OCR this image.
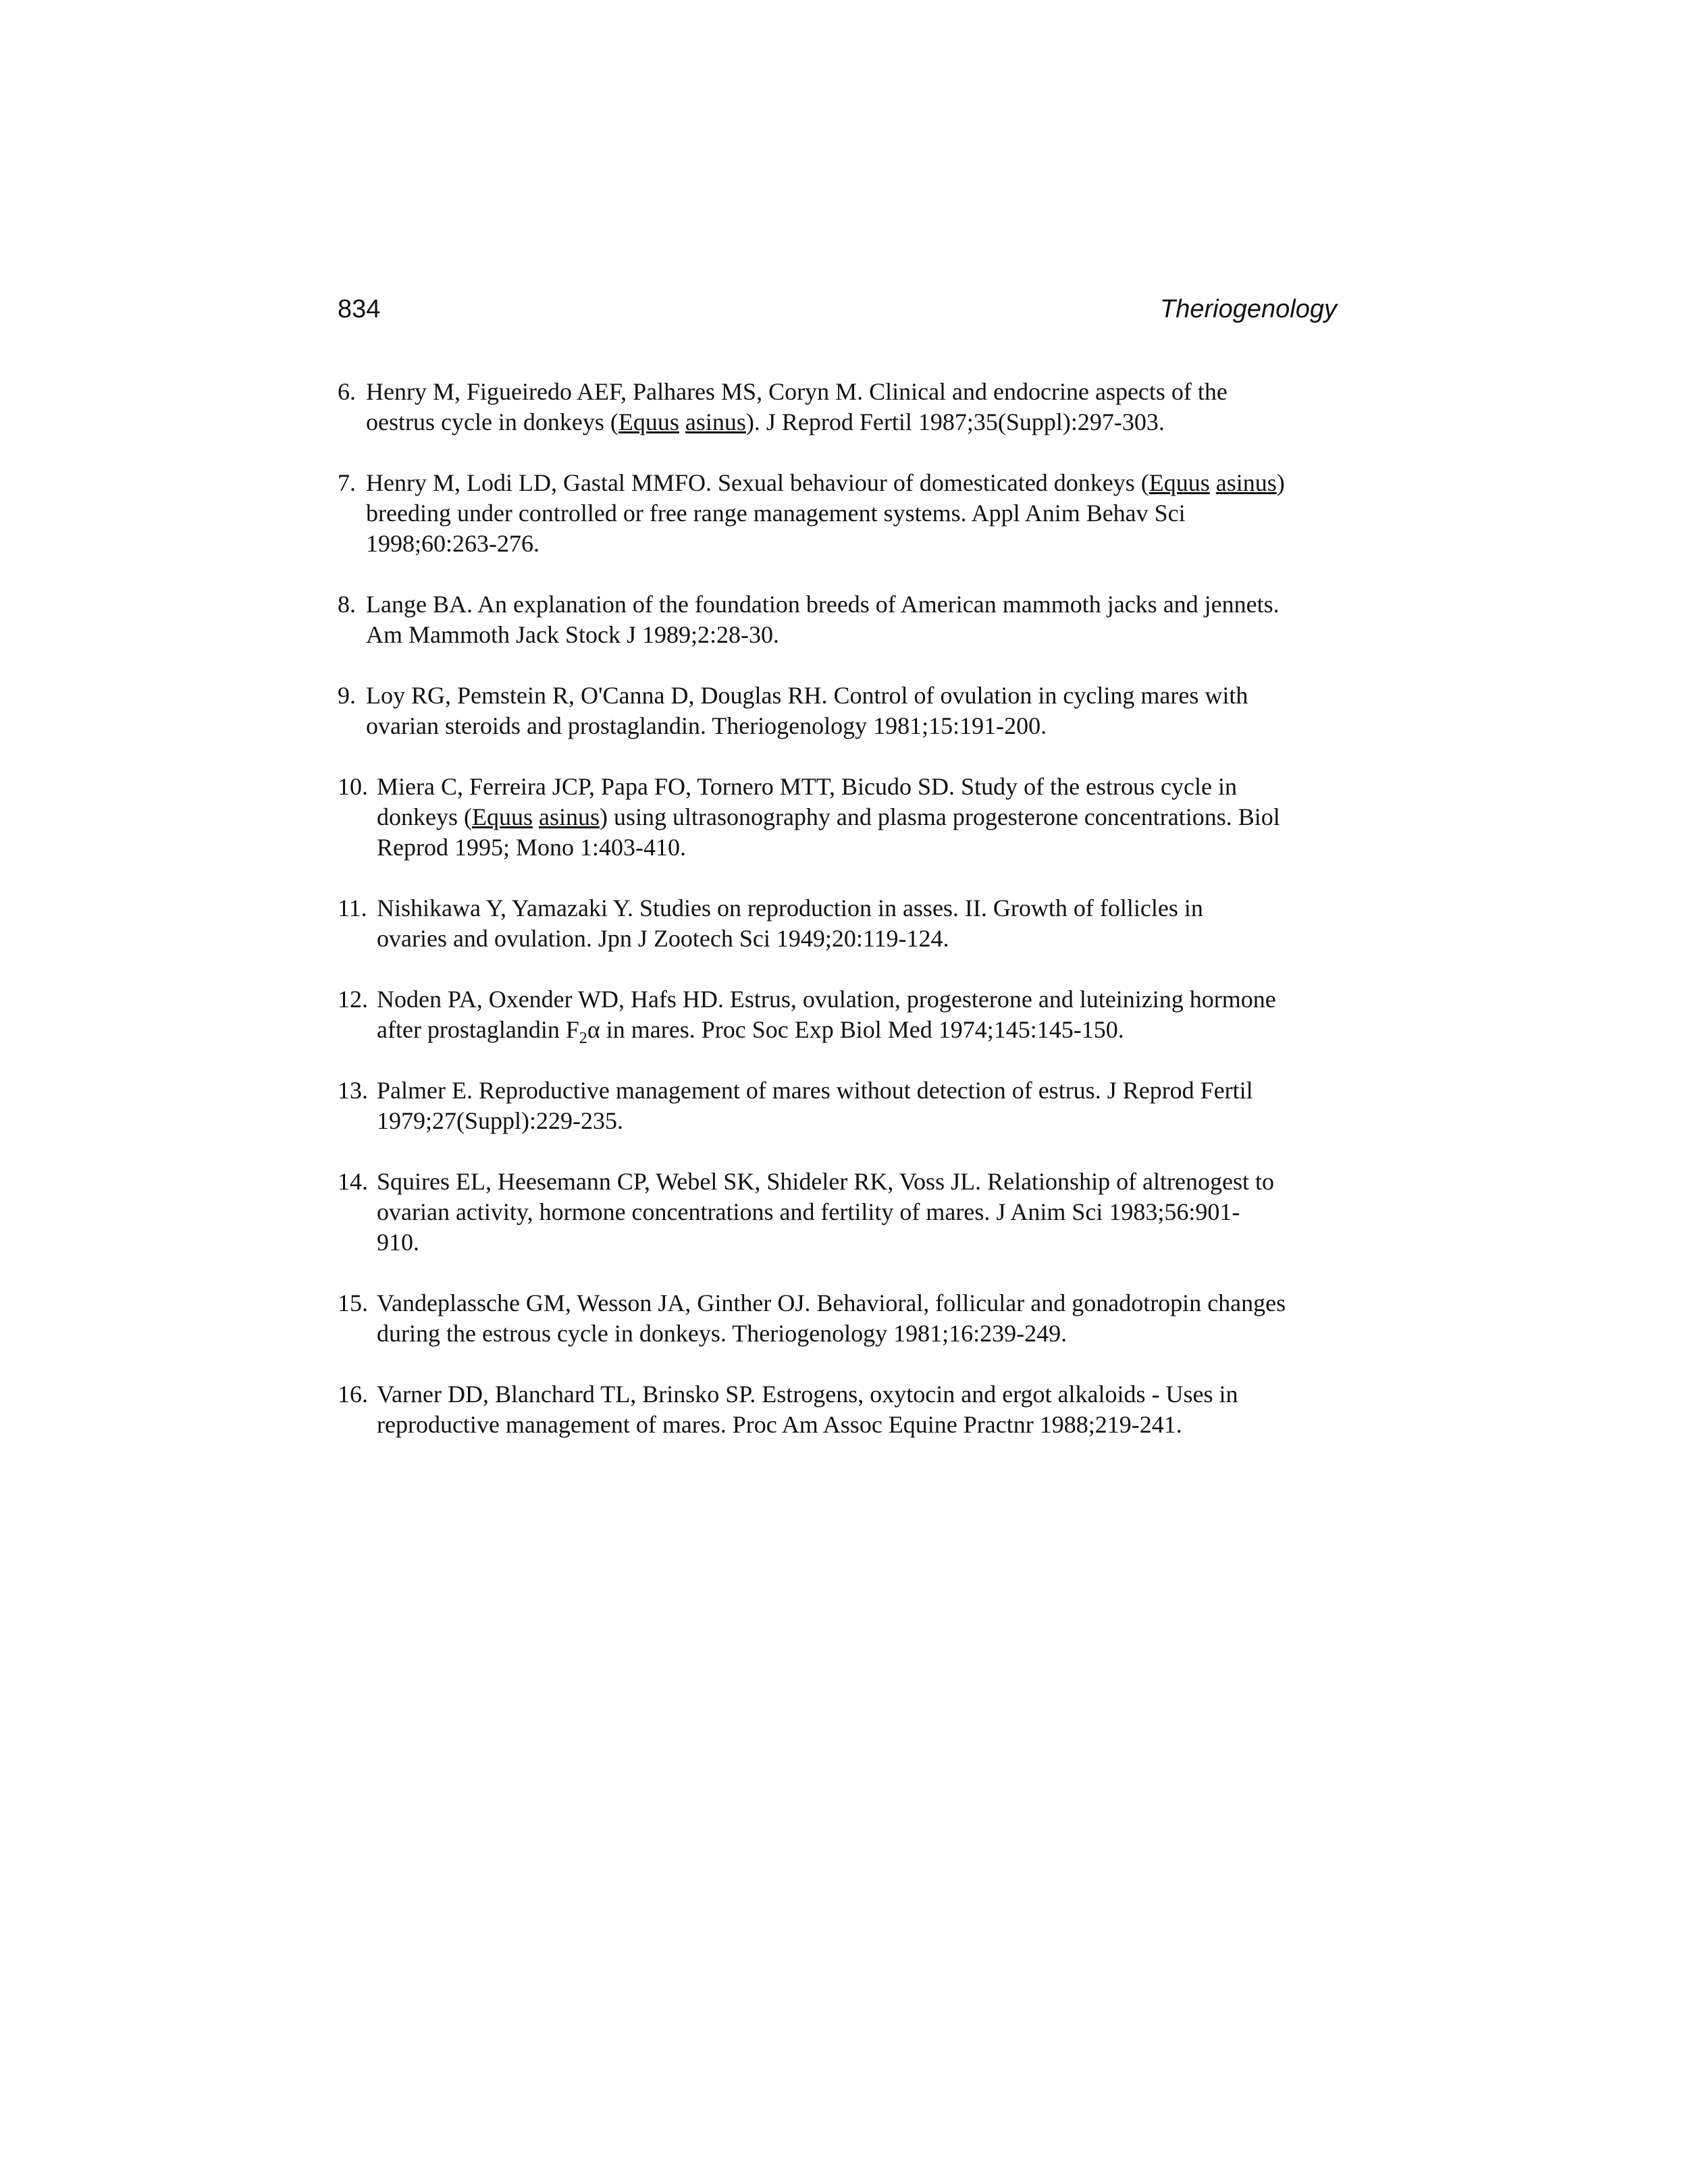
834	Theriogenology
6. Henry M, Figueiredo AEF, Palhares MS, Coryn M. Clinical and endocrine aspects of the
oestrus cycle in donkeys (Equus asinus). J Reprod Fertil 1987;35(Suppl):297-303.
7. Henry M, Lodi LD, Gastal MMFO. Sexual behaviour of domesticated donkeys (Equus asinus)
breeding under controlled or free range management systems. Appl Anim Behav Sci
1998;60:263-276.
8. Lange BA. An explanation of the foundation breeds of American mammoth jacks and jennets.
Am Mammoth Jack Stock J 1989;2:28-30.
9. Loy RG, Pemstein R, O'Canna D, Douglas RH. Control of ovulation in cycling mares with
ovarian steroids and prostaglandin. Theriogenology 1981;15:191-200.
10. Miera C, Ferreira JCP, Papa FO, Tornero MTT, Bicudo SD. Study of the estrous cycle in
donkeys (Equus asinus) using ultrasonography and plasma progesterone concentrations. Biol
Reprod 1995; Mono 1:403-410.
11. Nishikawa Y, Yamazaki Y. Studies on reproduction in asses. II. Growth of follicles in
ovaries and ovulation. Jpn J Zootech Sci 1949;20:119-124.
12. Noden PA, Oxender WD, Hafs HD. Estrus, ovulation, progesterone and luteinizing hormone
after prostaglandin $F_2\alpha$ in mares. Proc Soc Exp Biol Med 1974;145:145-150.
13. Palmer E. Reproductive management of mares without detection of estrus. J Reprod Fertil
1979;27(Suppl):229-235.
14. Squires EL, Heesemann CP, Webel SK, Shideler RK, Voss JL. Relationship of altrenogest to
ovarian activity, hormone concentrations and fertility of mares. J Anim Sci 1983;56:901-
910.
15. Vandeplassche GM, Wesson JA, Ginther OJ. Behavioral, follicular and gonadotropin changes
during the estrous cycle in donkeys. Theriogenology 1981;16:239-249.
16. Varner DD, Blanchard TL, Brinsko SP. Estrogens, oxytocin and ergot alkaloids - Uses in
reproductive management of mares. Proc Am Assoc Equine Practnr 1988;219-241.
